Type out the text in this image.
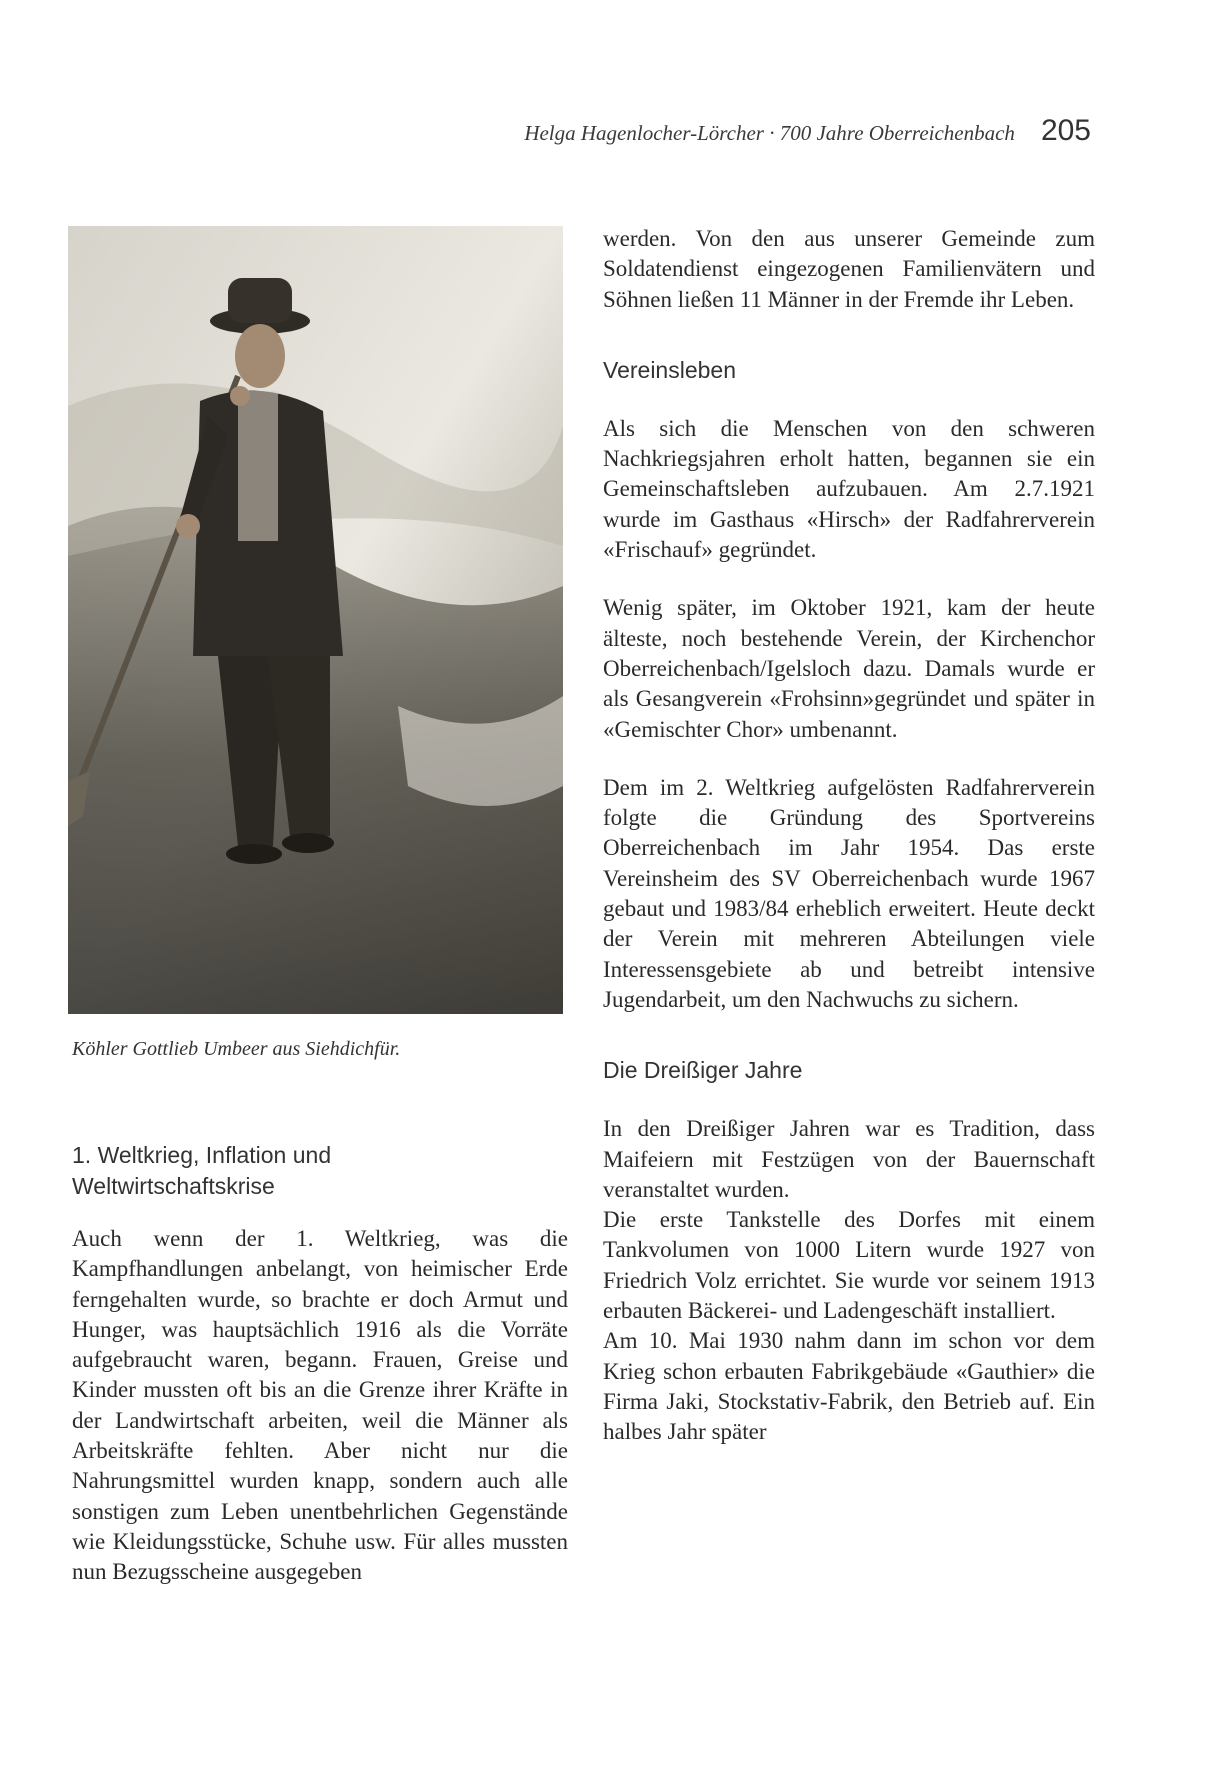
Helga Hagenlocher-Lörcher · 700 Jahre Oberreichenbach 205
Köhler Gottlieb Umbeer aus Siehdichfür.
1. Weltkrieg, Inflation und
Weltwirtschaftskrise

Auch wenn der 1. Weltkrieg, was die Kampfhandlungen anbelangt, von heimischer Erde ferngehalten wurde, so brachte er doch Armut und Hunger, was hauptsächlich 1916 als die Vorräte aufgebraucht waren, begann. Frauen, Greise und Kinder mussten oft bis an die Grenze ihrer Kräfte in der Landwirtschaft arbeiten, weil die Männer als Arbeitskräfte fehlten. Aber nicht nur die Nahrungsmittel wurden knapp, sondern auch alle sonstigen zum Leben unentbehrlichen Gegenstände wie Kleidungsstücke, Schuhe usw. Für alles mussten nun Bezugsscheine ausgegeben

werden. Von den aus unserer Gemeinde zum Soldatendienst eingezogenen Familienvätern und Söhnen ließen 11 Männer in der Fremde ihr Leben.

Vereinsleben

Als sich die Menschen von den schweren Nachkriegsjahren erholt hatten, begannen sie ein Gemeinschaftsleben aufzubauen. Am 2.7.1921 wurde im Gasthaus «Hirsch» der Radfahrerverein «Frischauf» gegründet.

Wenig später, im Oktober 1921, kam der heute älteste, noch bestehende Verein, der Kirchenchor Oberreichenbach/Igelsloch dazu. Damals wurde er als Gesangverein «Frohsinn»gegründet und später in «Gemischter Chor» umbenannt.

Dem im 2. Weltkrieg aufgelösten Radfahrerverein folgte die Gründung des Sportvereins Oberreichenbach im Jahr 1954. Das erste Vereinsheim des SV Oberreichenbach wurde 1967 gebaut und 1983/84 erheblich erweitert. Heute deckt der Verein mit mehreren Abteilungen viele Interessensgebiete ab und betreibt intensive Jugendarbeit, um den Nachwuchs zu sichern.

Die Dreißiger Jahre

In den Dreißiger Jahren war es Tradition, dass Maifeiern mit Festzügen von der Bauernschaft veranstaltet wurden.

Die erste Tankstelle des Dorfes mit einem Tankvolumen von 1000 Litern wurde 1927 von Friedrich Volz errichtet. Sie wurde vor seinem 1913 erbauten Bäckerei- und Ladengeschäft installiert.

Am 10. Mai 1930 nahm dann im schon vor dem Krieg schon erbauten Fabrikgebäude «Gauthier» die Firma Jaki, Stockstativ-Fabrik, den Betrieb auf. Ein halbes Jahr später
